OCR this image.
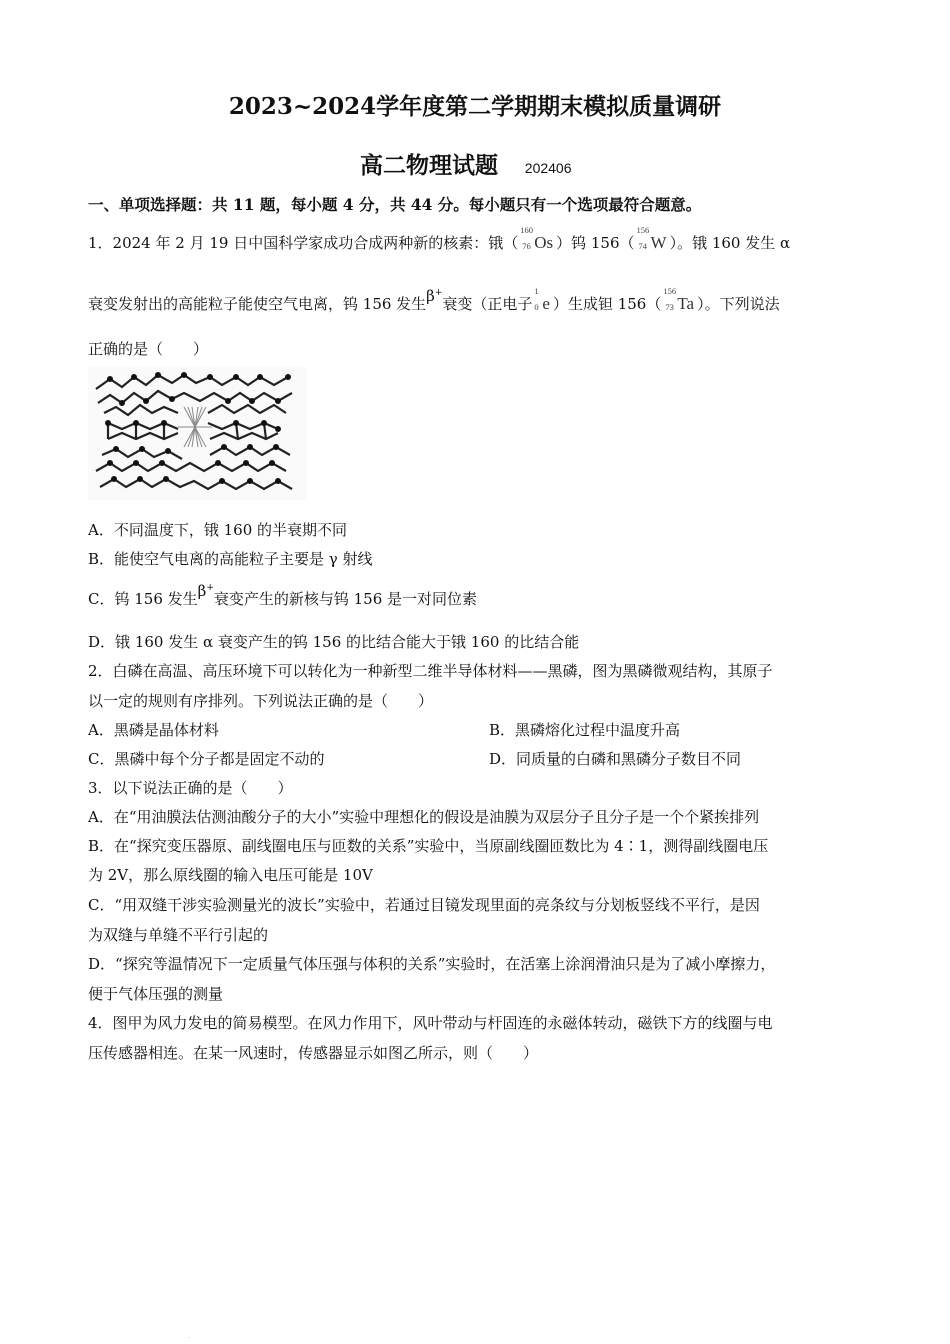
2023~2024学年度第二学期期末模拟质量调研
高二物理试题 202406
一、单项选择题：共 11 题，每小题 4 分，共 44 分。每小题只有一个选项最符合题意。
1．2024 年 2 月 19 日中国科学家成功合成两种新的核素：锇（
160
76 Os ）钨 156（
156
74 W ）。锇 160 发生 α
衰变发射出的高能粒子能使空气电离，钨 156 发生β+衰变（正电子
1
0 e ）生成钽 156（
156
73 Ta ）。下列说法
正确的是（　　）
A．不同温度下，锇 160 的半衰期不同
B．能使空气电离的高能粒子主要是 γ 射线
C．钨 156 发生β+衰变产生的新核与钨 156 是一对同位素
D．锇 160 发生 α 衰变产生的钨 156 的比结合能大于锇 160 的比结合能
2．白磷在高温、高压环境下可以转化为一种新型二维半导体材料——黑磷，图为黑磷微观结构，其原子
以一定的规则有序排列。下列说法正确的是（　　）
A．黑磷是晶体材料	B．黑磷熔化过程中温度升高
C．黑磷中每个分子都是固定不动的	D．同质量的白磷和黑磷分子数目不同
3．以下说法正确的是（　　）
A．在“用油膜法估测油酸分子的大小”实验中理想化的假设是油膜为双层分子且分子是一个个紧挨排列
B．在“探究变压器原、副线圈电压与匝数的关系”实验中，当原副线圈匝数比为 4∶1，测得副线圈电压
为 2V，那么原线圈的输入电压可能是 10V
C．“用双缝干涉实验测量光的波长”实验中，若通过目镜发现里面的亮条纹与分划板竖线不平行，是因
为双缝与单缝不平行引起的
D．“探究等温情况下一定质量气体压强与体积的关系”实验时，在活塞上涂润滑油只是为了减小摩擦力，
便于气体压强的测量
4．图甲为风力发电的简易模型。在风力作用下，风叶带动与杆固连的永磁体转动，磁铁下方的线圈与电
压传感器相连。在某一风速时，传感器显示如图乙所示，则（　　）
.
